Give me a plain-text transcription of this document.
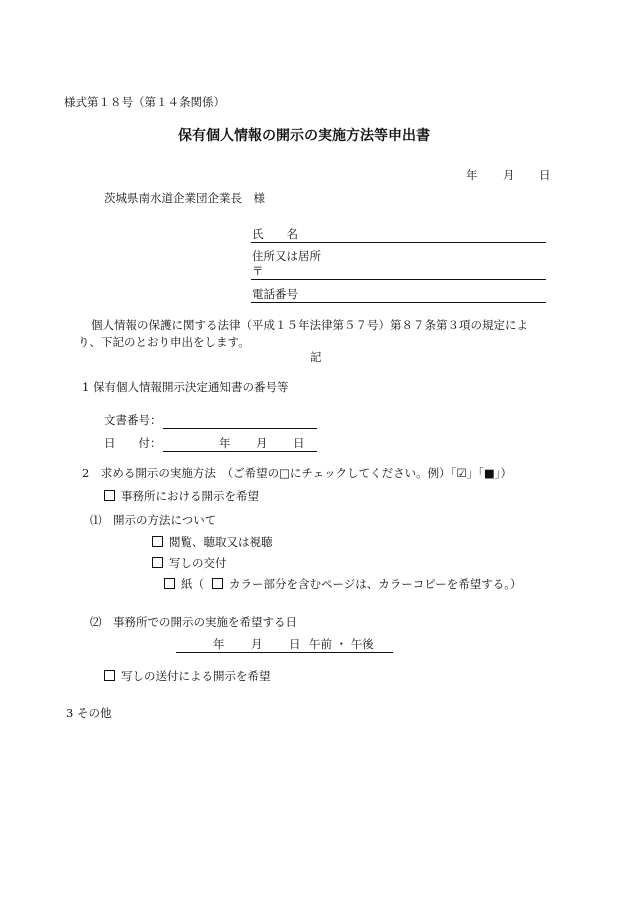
様式第１８号（第１４条関係）
保有個人情報の開示の実施方法等申出書
年 月 日
茨城県南水道企業団企業長　様
氏　　名
住所又は居所
〒
電話番号
個人情報の保護に関する法律（平成１５年法律第５７号）第８７条第３項の規定によ
り、下記のとおり申出をします。
記
1 保有個人情報開示決定通知書の番号等
文書番号：
日　　付：	年 月 日
2　求める開示の実施方法　（ご希望の□にチェックしてください。例）「☑」「■」）
事務所における開示を希望
⑴　開示の方法について
閲覧、聴取又は視聴
写しの交付
紙（ カラー部分を含むページは、カラーコピーを希望する。）
⑵　事務所での開示の実施を希望する日
年 月 日 午前 ・ 午後
写しの送付による開示を希望
3 その他
